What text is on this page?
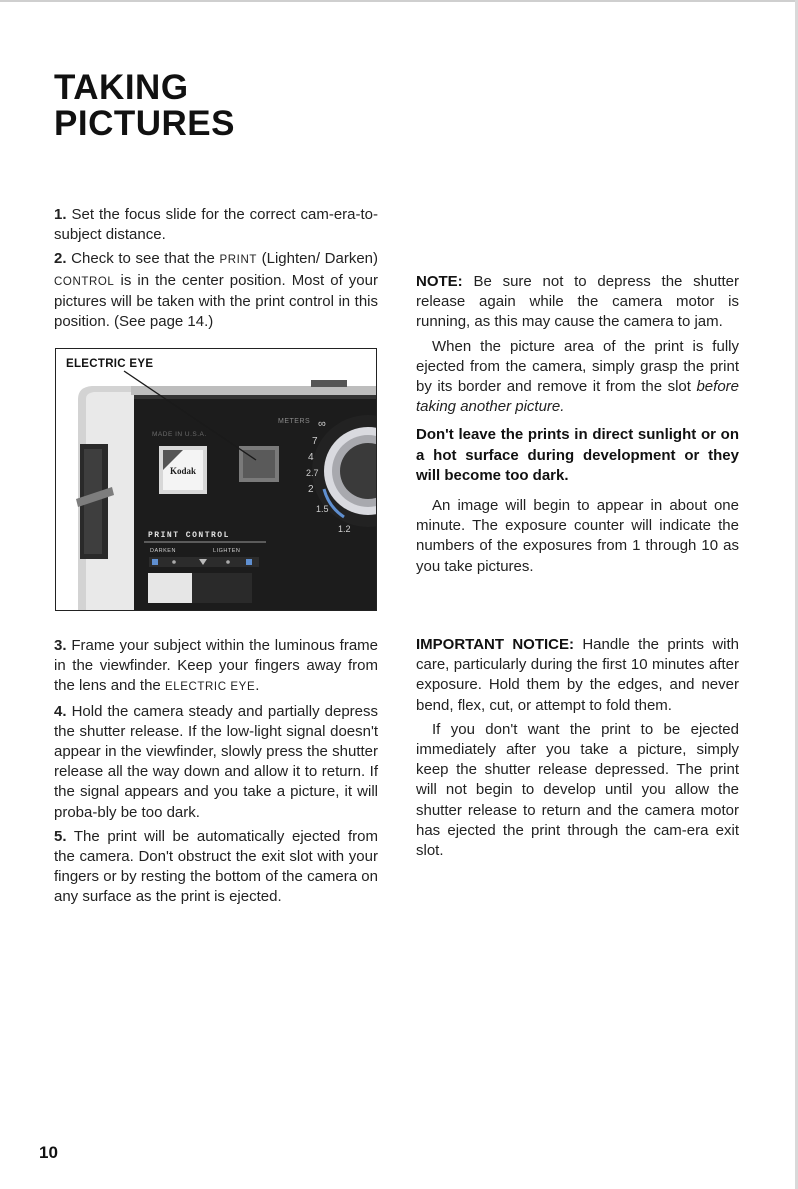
TAKING
PICTURES

1. Set the focus slide for the correct cam-era-to-subject distance.

2. Check to see that the PRINT (Lighten/ Darken) CONTROL is in the center position. Most of your pictures will be taken with the print control in this position. (See page 14.)

MADE IN U.S.A.
Kodak
METERS ∞
7
4
2.7
2
1.5
1.2
PRINT CONTROL
DARKEN	LIGHTEN
ELECTRIC EYE

3. Frame your subject within the luminous frame in the viewfinder. Keep your fingers away from the lens and the ELECTRIC EYE.

4. Hold the camera steady and partially depress the shutter release. If the low-light signal doesn't appear in the viewfinder, slowly press the shutter release all the way down and allow it to return. If the signal appears and you take a picture, it will proba-bly be too dark.

5. The print will be automatically ejected from the camera. Don't obstruct the exit slot with your fingers or by resting the bottom of the camera on any surface as the print is ejected.

NOTE: Be sure not to depress the shutter release again while the camera motor is running, as this may cause the camera to jam.

When the picture area of the print is fully ejected from the camera, simply grasp the print by its border and remove it from the slot before taking another picture.

Don't leave the prints in direct sunlight or on a hot surface during development or they will become too dark.

An image will begin to appear in about one minute. The exposure counter will indicate the numbers of the exposures from 1 through 10 as you take pictures.

IMPORTANT NOTICE: Handle the prints with care, particularly during the first 10 minutes after exposure. Hold them by the edges, and never bend, flex, cut, or attempt to fold them.

If you don't want the print to be ejected immediately after you take a picture, simply keep the shutter release depressed. The print will not begin to develop until you allow the shutter release to return and the camera motor has ejected the print through the cam-era exit slot.

10
